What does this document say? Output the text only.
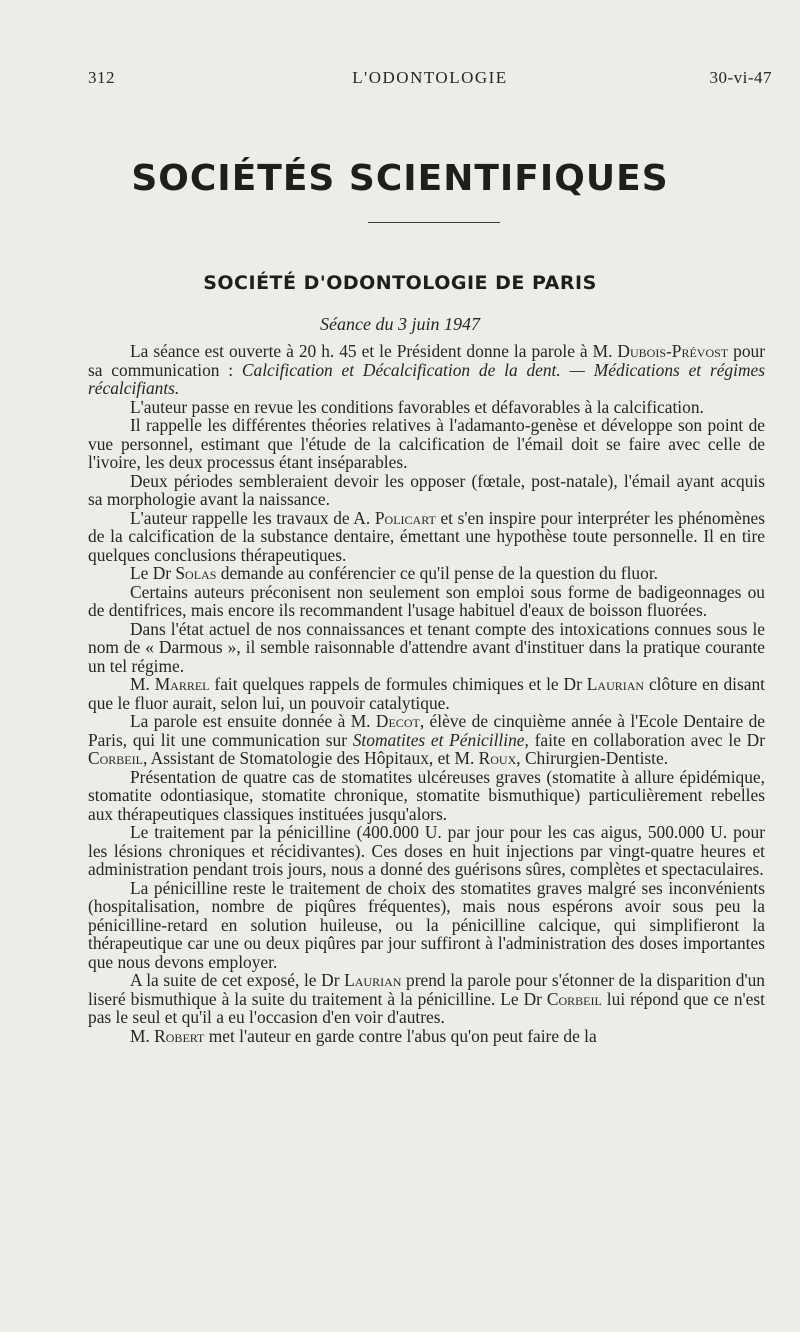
312	L'ODONTOLOGIE	30-vi-47
SOCIÉTÉS SCIENTIFIQUES
SOCIÉTÉ D'ODONTOLOGIE DE PARIS
Séance du 3 juin 1947

La séance est ouverte à 20 h. 45 et le Président donne la parole à M. Dubois-Prévost pour sa communication : Calcification et Décalcification de la dent. — Médications et régimes récalcifiants.

L'auteur passe en revue les conditions favorables et défavorables à la calcification.

Il rappelle les différentes théories relatives à l'adamanto-genèse et développe son point de vue personnel, estimant que l'étude de la calcification de l'émail doit se faire avec celle de l'ivoire, les deux processus étant inséparables.

Deux périodes sembleraient devoir les opposer (fœtale, post-natale), l'émail ayant acquis sa morphologie avant la naissance.

L'auteur rappelle les travaux de A. Policart et s'en inspire pour interpréter les phénomènes de la calcification de la substance dentaire, émettant une hypothèse toute personnelle. Il en tire quelques conclusions thérapeutiques.

Le Dr Solas demande au conférencier ce qu'il pense de la question du fluor.

Certains auteurs préconisent non seulement son emploi sous forme de badigeonnages ou de dentifrices, mais encore ils recommandent l'usage habituel d'eaux de boisson fluorées.

Dans l'état actuel de nos connaissances et tenant compte des intoxications connues sous le nom de « Darmous », il semble raisonnable d'attendre avant d'instituer dans la pratique courante un tel régime.

M. Marrel fait quelques rappels de formules chimiques et le Dr Laurian clôture en disant que le fluor aurait, selon lui, un pouvoir catalytique.

La parole est ensuite donnée à M. Decot, élève de cinquième année à l'Ecole Dentaire de Paris, qui lit une communication sur Stomatites et Pénicilline, faite en collaboration avec le Dr Corbeil, Assistant de Stomatologie des Hôpitaux, et M. Roux, Chirurgien-Dentiste.

Présentation de quatre cas de stomatites ulcéreuses graves (stomatite à allure épidémique, stomatite odontiasique, stomatite chronique, stomatite bismuthique) particulièrement rebelles aux thérapeutiques classiques instituées jusqu'alors.

Le traitement par la pénicilline (400.000 U. par jour pour les cas aigus, 500.000 U. pour les lésions chroniques et récidivantes). Ces doses en huit injections par vingt-quatre heures et administration pendant trois jours, nous a donné des guérisons sûres, complètes et spectaculaires.

La pénicilline reste le traitement de choix des stomatites graves malgré ses inconvénients (hospitalisation, nombre de piqûres fréquentes), mais nous espérons avoir sous peu la pénicilline-retard en solution huileuse, ou la pénicilline calcique, qui simplifieront la thérapeutique car une ou deux piqûres par jour suffiront à l'administration des doses importantes que nous devons employer.

A la suite de cet exposé, le Dr Laurian prend la parole pour s'étonner de la disparition d'un liseré bismuthique à la suite du traitement à la pénicilline. Le Dr Corbeil lui répond que ce n'est pas le seul et qu'il a eu l'occasion d'en voir d'autres.

M. Robert met l'auteur en garde contre l'abus qu'on peut faire de la
